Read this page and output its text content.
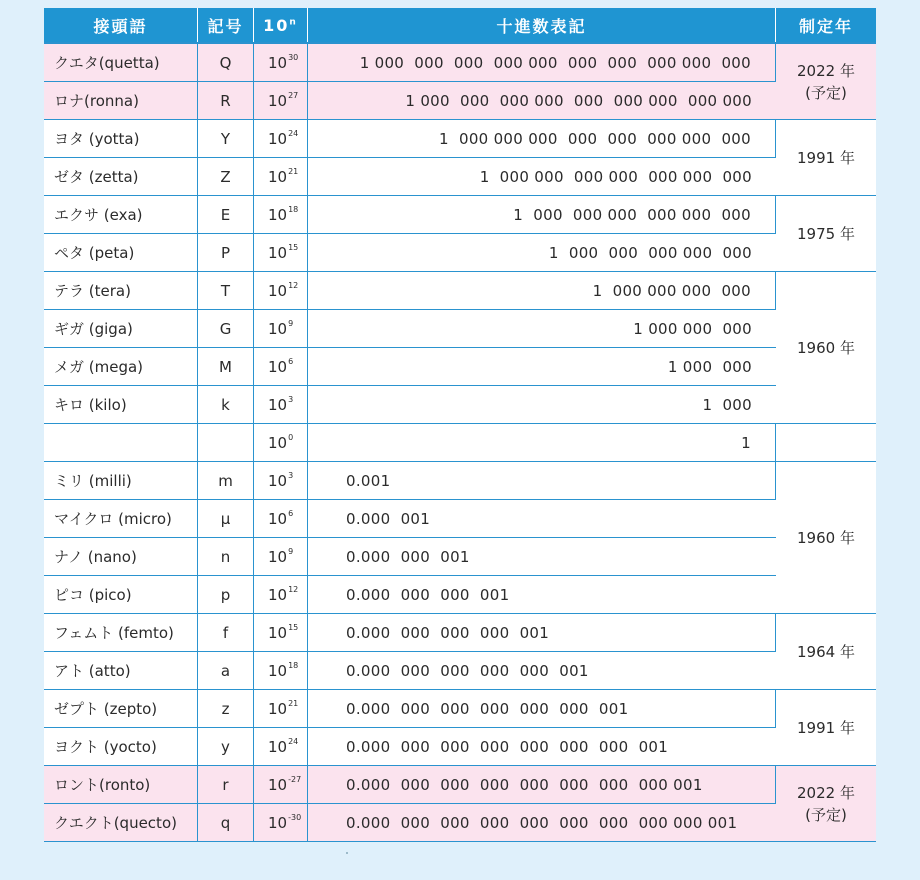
接頭語	記号	10$^n$	十進数表記	制定年
クエタ(quetta)	Q	$10^{30}$	1 000  000  000  000 000  000  000  000 000  000	2022 年
(予定)

ロナ(ronna)	R	$10^{27}$	1 000  000  000 000  000  000 000  000 000	
ヨタ (yotta)	Y	$10^{24}$	1  000 000 000  000  000  000 000  000	1991 年

ゼタ (zetta)	Z	$10^{21}$	1  000 000  000 000  000 000  000	
エクサ (exa)	E	$10^{18}$	1  000  000 000  000 000  000	1975 年

ペタ (peta)	P	$10^{15}$	1  000  000  000 000  000	
テラ (tera)	T	$10^{12}$	1  000 000 000  000	1960 年

ギガ (giga)	G	$10^9$	1 000 000  000	
メガ (mega)	M	$10^6$	1 000  000	
キロ (kilo)	k	$10^3$	1  000	
		$10^0$	1	

ミリ (milli)	m	$10^3$	0.001	1960 年

マイクロ (micro)	μ	$10^6$	0.000  001	
ナノ (nano)	n	$10^9$	0.000  000  001	
ピコ (pico)	p	$10^{12}$	0.000  000  000  001	
フェムト (femto)	f	$10^{15}$	0.000  000  000  000  001	1964 年

アト (atto)	a	$10^{18}$	0.000  000  000  000  000  001	
ゼプト (zepto)	z	$10^{21}$	0.000  000  000  000  000  000  001	1991 年

ヨクト (yocto)	y	$10^{24}$	0.000  000  000  000  000  000  000  001	
ロント(ronto)	r	$10^{-27}$	0.000  000  000  000  000  000  000  000 001	2022 年
(予定)

クエクト(quecto)	q	$10^{-30}$	0.000  000  000  000  000  000  000  000 000 001	
